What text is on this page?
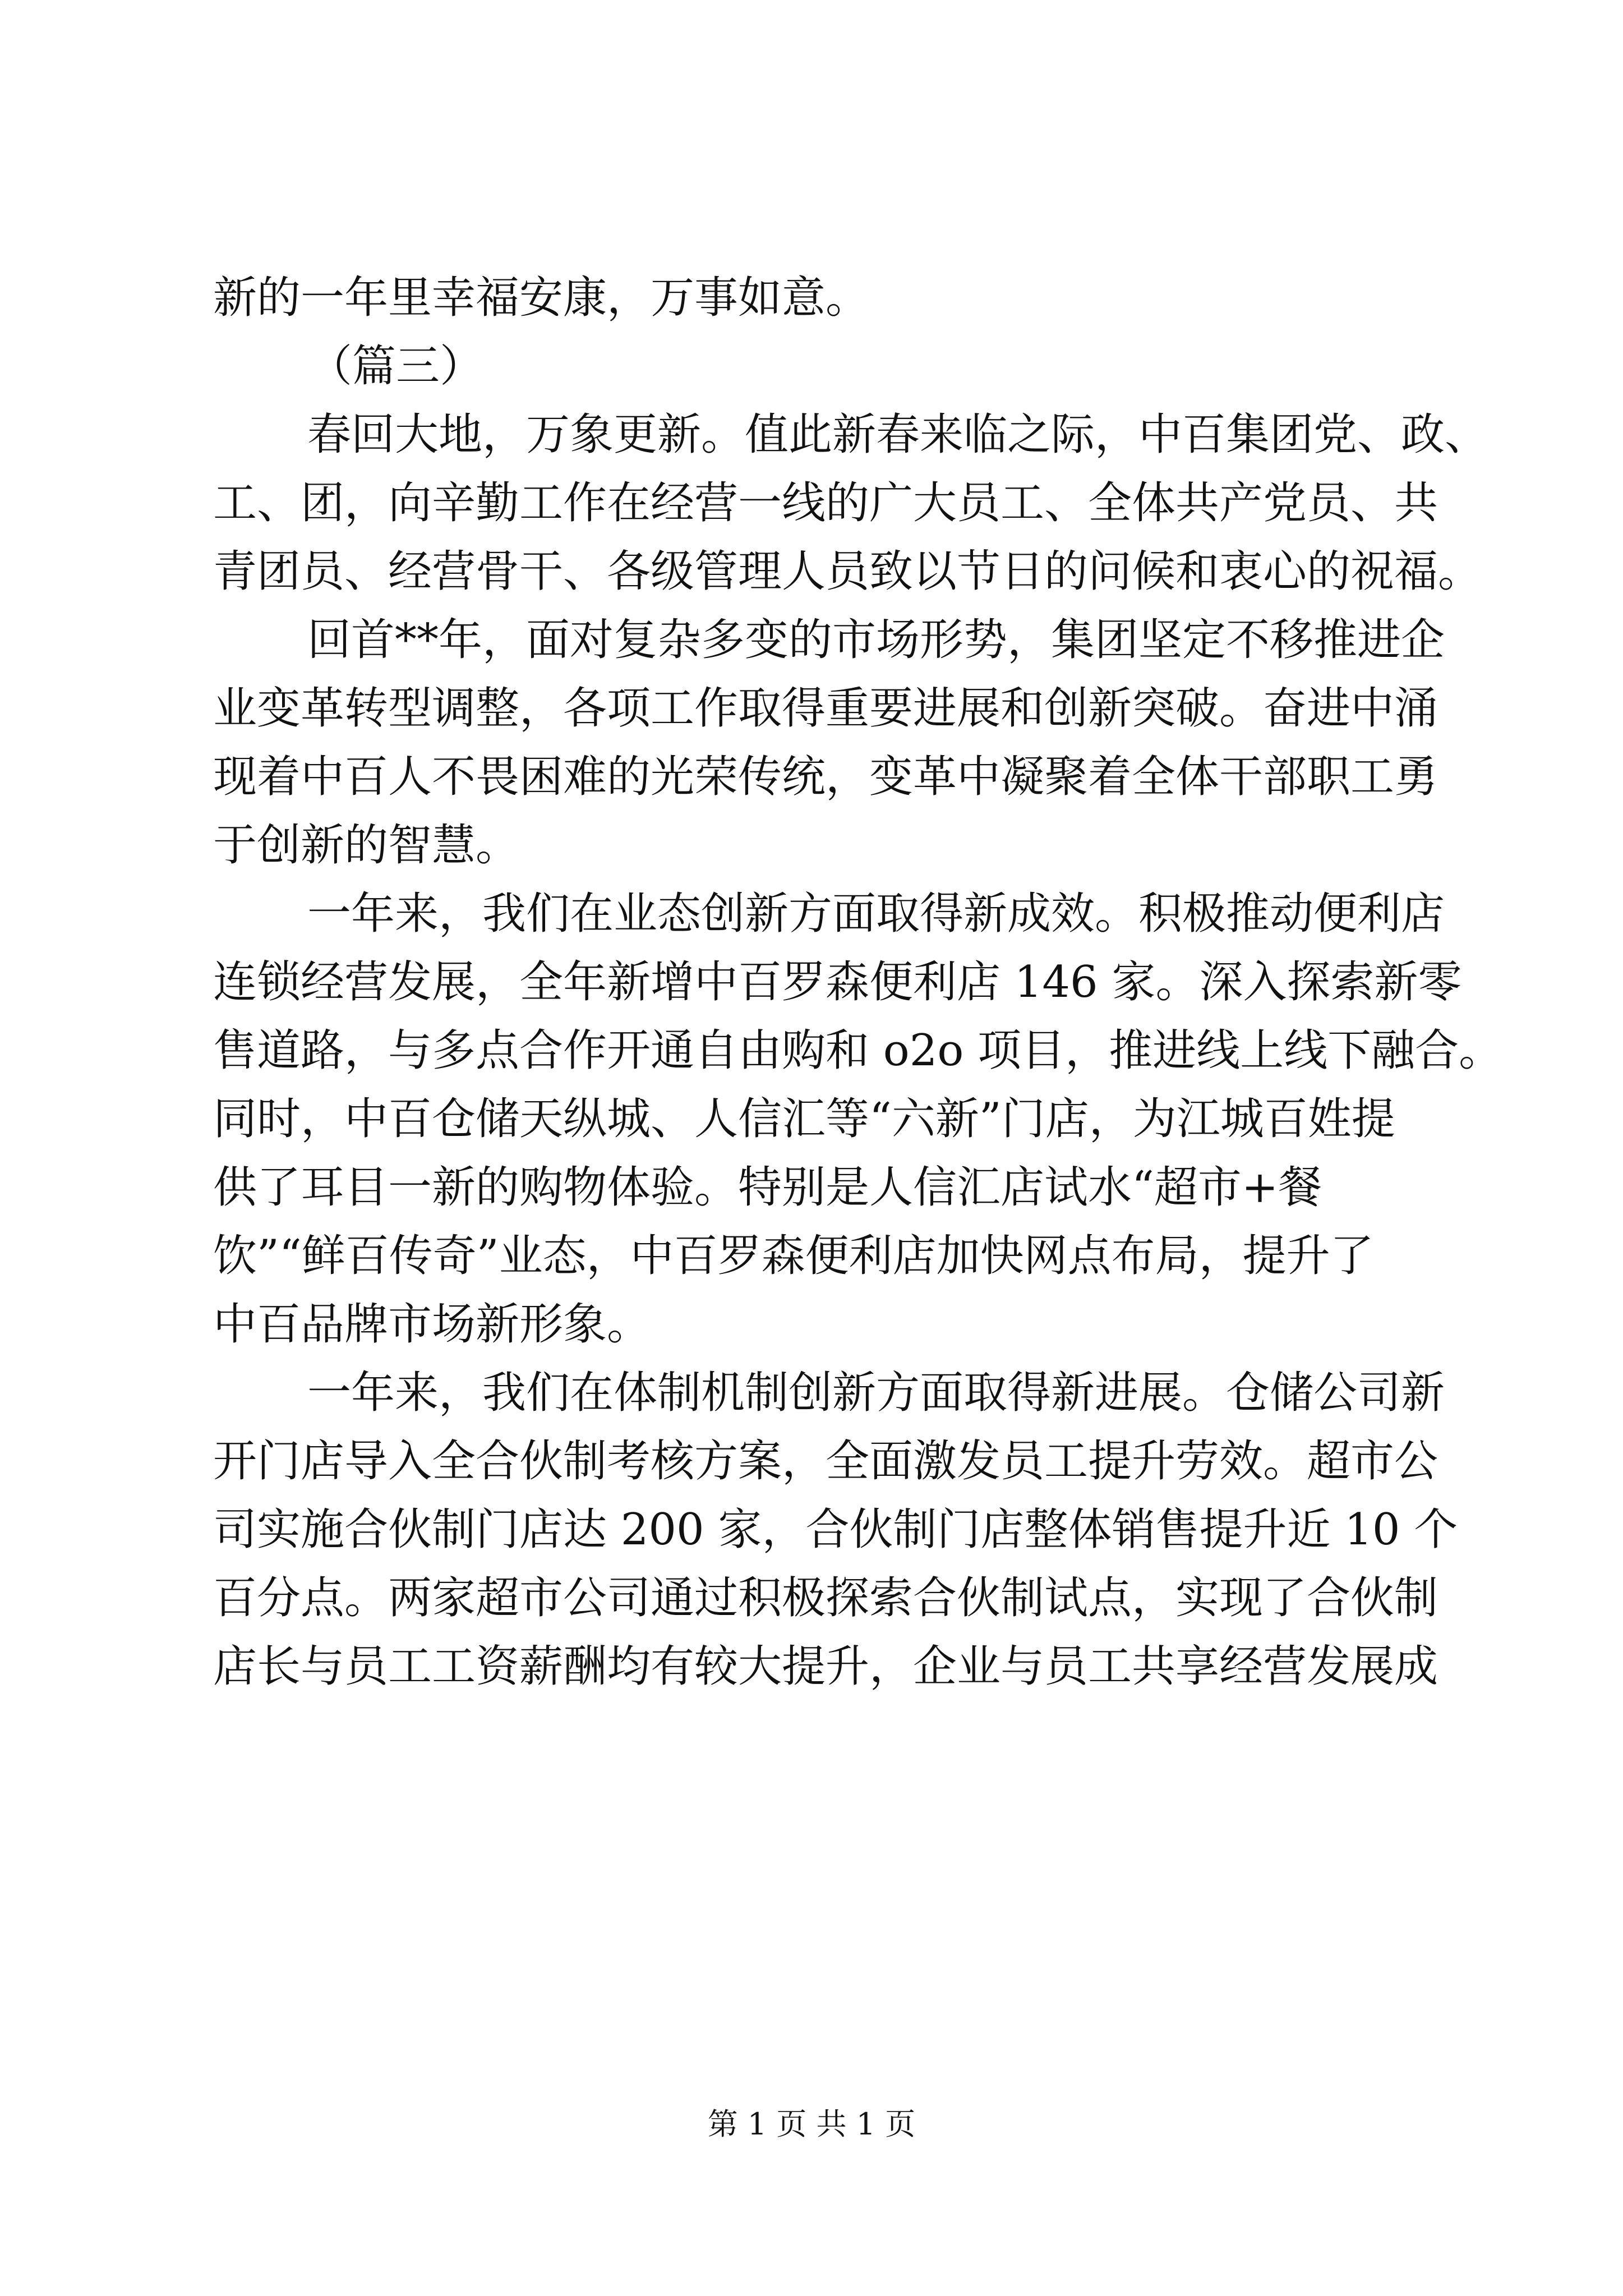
新的一年里幸福安康，万事如意。

（篇三）

春回大地，万象更新。值此新春来临之际，中百集团党、政、

工、团，向辛勤工作在经营一线的广大员工、全体共产党员、共

青团员、经营骨干、各级管理人员致以节日的问候和衷心的祝福。

回首**年，面对复杂多变的市场形势，集团坚定不移推进企

业变革转型调整，各项工作取得重要进展和创新突破。奋进中涌

现着中百人不畏困难的光荣传统，变革中凝聚着全体干部职工勇

于创新的智慧。

一年来，我们在业态创新方面取得新成效。积极推动便利店

连锁经营发展，全年新增中百罗森便利店 146 家。深入探索新零

售道路，与多点合作开通自由购和 o2o 项目，推进线上线下融合。

同时，中百仓储天纵城、人信汇等“六新”门店，为江城百姓提

供了耳目一新的购物体验。特别是人信汇店试水“超市+餐

饮”“鲜百传奇”业态，中百罗森便利店加快网点布局，提升了

中百品牌市场新形象。

一年来，我们在体制机制创新方面取得新进展。仓储公司新

开门店导入全合伙制考核方案，全面激发员工提升劳效。超市公

司实施合伙制门店达 200 家，合伙制门店整体销售提升近 10 个

百分点。两家超市公司通过积极探索合伙制试点，实现了合伙制

店长与员工工资薪酬均有较大提升，企业与员工共享经营发展成

第 1 页 共 1 页
